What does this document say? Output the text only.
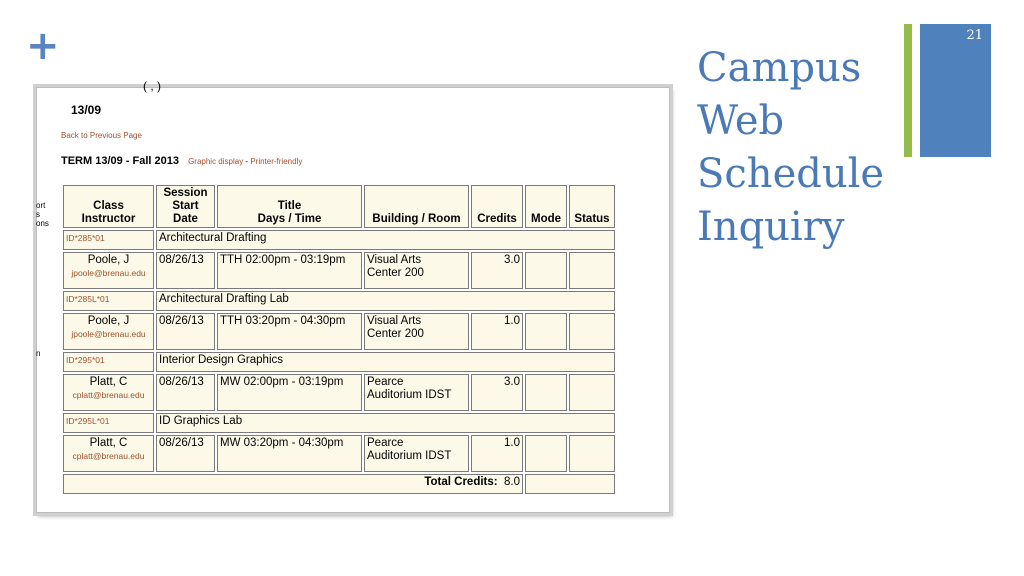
+	Campus
Web
Schedule
Inquiry
21
( , )
13/09
Back to Previous Page
TERM 13/09 - Fall 2013 Graphic display - Printer-friendly
ort
s
ons
n
Class
Instructor	Session
Start
Date	Title
Days / Time	Building / Room	Credits	Mode	Status
ID*285*01	Architectural Drafting					
Poole, J
jpoole@brenau.edu	08/26/13	TTH 02:00pm - 03:19pm	Visual Arts
Center 200	3.0		
ID*285L*01	Architectural Drafting Lab					
Poole, J
jpoole@brenau.edu	08/26/13	TTH 03:20pm - 04:30pm	Visual Arts
Center 200	1.0		
ID*295*01	Interior Design Graphics					
Platt, C
cplatt@brenau.edu	08/26/13	MW 02:00pm - 03:19pm	Pearce
Auditorium IDST	3.0		
ID*295L*01	ID Graphics Lab					
Platt, C
cplatt@brenau.edu	08/26/13	MW 03:20pm - 04:30pm	Pearce
Auditorium IDST	1.0		
Total Credits: 8.0						
